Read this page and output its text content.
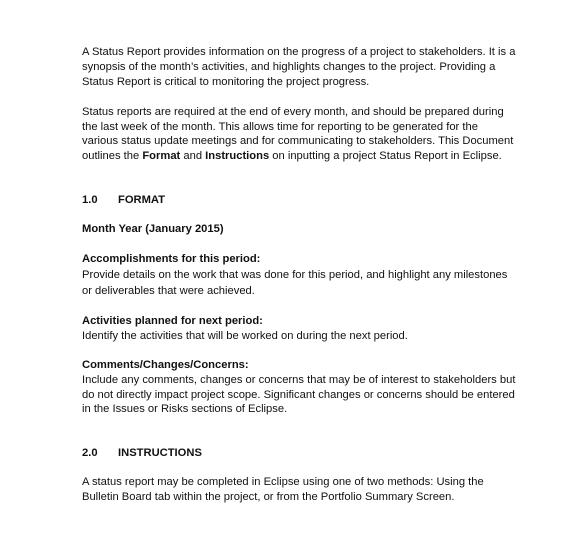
A Status Report provides information on the progress of a project to stakeholders. It is a
synopsis of the month’s activities, and highlights changes to the project. Providing a
Status Report is critical to monitoring the project progress.
Status reports are required at the end of every month, and should be prepared during
the last week of the month. This allows time for reporting to be generated for the
various status update meetings and for communicating to stakeholders. This Document
outlines the Format and Instructions on inputting a project Status Report in Eclipse.
1.0 FORMAT
Month Year (January 2015)
Accomplishments for this period:
Provide details on the work that was done for this period, and highlight any milestones
or deliverables that were achieved.
Activities planned for next period:
Identify the activities that will be worked on during the next period.
Comments/Changes/Concerns:
Include any comments, changes or concerns that may be of interest to stakeholders but
do not directly impact project scope. Significant changes or concerns should be entered
in the Issues or Risks sections of Eclipse.
2.0 INSTRUCTIONS
A status report may be completed in Eclipse using one of two methods: Using the
Bulletin Board tab within the project, or from the Portfolio Summary Screen.
